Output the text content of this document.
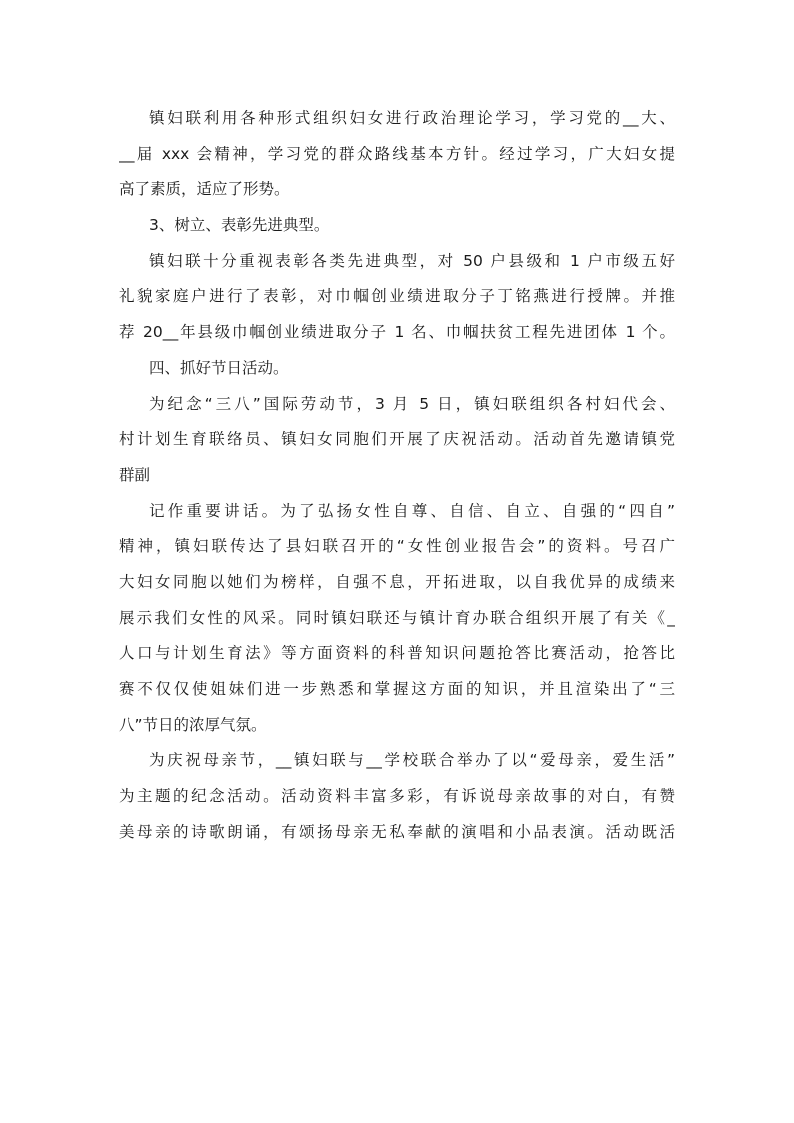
镇妇联利用各种形式组织妇女进行政治理论学习，学习党的__大、
__届 xxx 会精神，学习党的群众路线基本方针。经过学习，广大妇女提
高了素质，适应了形势。
3、树立、表彰先进典型。
镇妇联十分重视表彰各类先进典型，对 50 户县级和 1 户市级五好
礼貌家庭户进行了表彰，对巾帼创业绩进取分子丁铭燕进行授牌。并推
荐 20__年县级巾帼创业绩进取分子 1 名、巾帼扶贫工程先进团体 1 个。
四、抓好节日活动。
为纪念“三八”国际劳动节，3 月 5 日，镇妇联组织各村妇代会、
村计划生育联络员、镇妇女同胞们开展了庆祝活动。活动首先邀请镇党
群副
记作重要讲话。为了弘扬女性自尊、自信、自立、自强的“四自”
精神，镇妇联传达了县妇联召开的“女性创业报告会”的资料。号召广
大妇女同胞以她们为榜样，自强不息，开拓进取，以自我优异的成绩来
展示我们女性的风采。同时镇妇联还与镇计育办联合组织开展了有关《_
人口与计划生育法》等方面资料的科普知识问题抢答比赛活动，抢答比
赛不仅仅使姐妹们进一步熟悉和掌握这方面的知识，并且渲染出了“三
八”节日的浓厚气氛。
为庆祝母亲节，__镇妇联与__学校联合举办了以“爱母亲，爱生活”
为主题的纪念活动。活动资料丰富多彩，有诉说母亲故事的对白，有赞
美母亲的诗歌朗诵，有颂扬母亲无私奉献的演唱和小品表演。活动既活
